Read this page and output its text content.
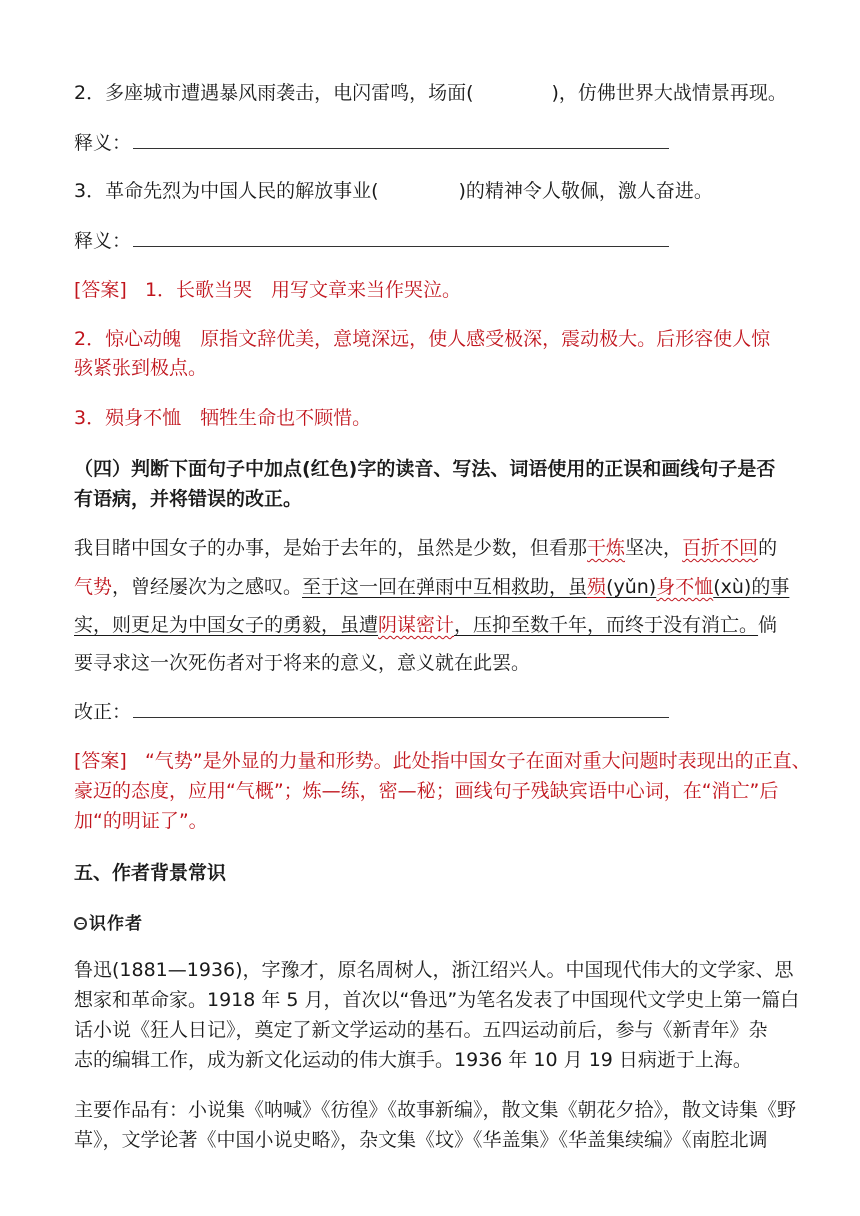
2．多座城市遭遇暴风雨袭击，电闪雷鸣，场面(	)，仿佛世界大战情景再现。
释义：
3．革命先烈为中国人民的解放事业(	)的精神令人敬佩，激人奋进。
释义：
[答案] 1．长歌当哭　用写文章来当作哭泣。
2．惊心动魄　原指文辞优美，意境深远，使人感受极深，震动极大。后形容使人惊
骇紧张到极点。
3．殒身不恤　牺牲生命也不顾惜。
（四）判断下面句子中加点(红色)字的读音、写法、词语使用的正误和画线句子是否
有语病，并将错误的改正。
我目睹中国女子的办事，是始于去年的，虽然是少数，但看那干炼坚决，百折不回的
气势，曾经屡次为之感叹。至于这一回在弹雨中互相救助，虽殒(yǔn)身不恤(xù)的事
实，则更足为中国女子的勇毅，虽遭阴谋密计，压抑至数千年，而终于没有消亡。倘
要寻求这一次死伤者对于将来的意义，意义就在此罢。
改正：
[答案] “气势”是外显的力量和形势。此处指中国女子在面对重大问题时表现出的正直、
豪迈的态度，应用“气概”；炼—练，密—秘；画线句子残缺宾语中心词，在“消亡”后
加“的明证了”。
五、作者背景常识
识作者
鲁迅(1881—1936)，字豫才，原名周树人，浙江绍兴人。中国现代伟大的文学家、思
想家和革命家。1918 年 5 月，首次以“鲁迅”为笔名发表了中国现代文学史上第一篇白
话小说《狂人日记》，奠定了新文学运动的基石。五四运动前后，参与《新青年》杂
志的编辑工作，成为新文化运动的伟大旗手。1936 年 10 月 19 日病逝于上海。
主要作品有：小说集《呐喊》《彷徨》《故事新编》，散文集《朝花夕拾》，散文诗集《野
草》，文学论著《中国小说史略》，杂文集《坟》《华盖集》《华盖集续编》《南腔北调
